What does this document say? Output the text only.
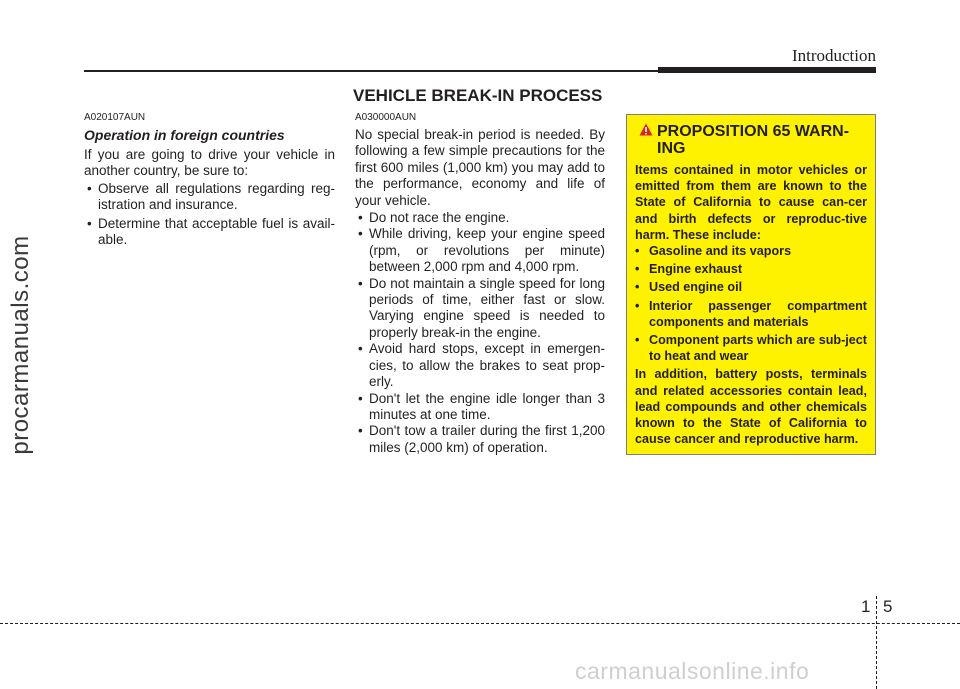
Introduction
procarmanuals.com
VEHICLE BREAK-IN PROCESS
A020107AUN
Operation in foreign countries
If you are going to drive your vehicle in another country, be sure to:
• Observe all regulations regarding reg-istration and insurance.
• Determine that acceptable fuel is avail-able.
A030000AUN
No special break-in period is needed. By following a few simple precautions for the first 600 miles (1,000 km) you may add to the performance, economy and life of your vehicle.
• Do not race the engine.
• While driving, keep your engine speed (rpm, or revolutions per minute) between 2,000 rpm and 4,000 rpm.
• Do not maintain a single speed for long periods of time, either fast or slow. Varying engine speed is needed to properly break-in the engine.
• Avoid hard stops, except in emergen-cies, to allow the brakes to seat prop-erly.
• Don't let the engine idle longer than 3 minutes at one time.
• Don't tow a trailer during the first 1,200 miles (2,000 km) of operation.
PROPOSITION 65 WARN-ING
Items contained in motor vehicles or emitted from them are known to the State of California to cause can-cer and birth defects or reproduc-tive harm. These include:
• Gasoline and its vapors
• Engine exhaust
• Used engine oil
• Interior passenger compartment components and materials
• Component parts which are sub-ject to heat and wear
In addition, battery posts, terminals and related accessories contain lead, lead compounds and other chemicals known to the State of California to cause cancer and reproductive harm.
1 5
carmanualsonline.info
